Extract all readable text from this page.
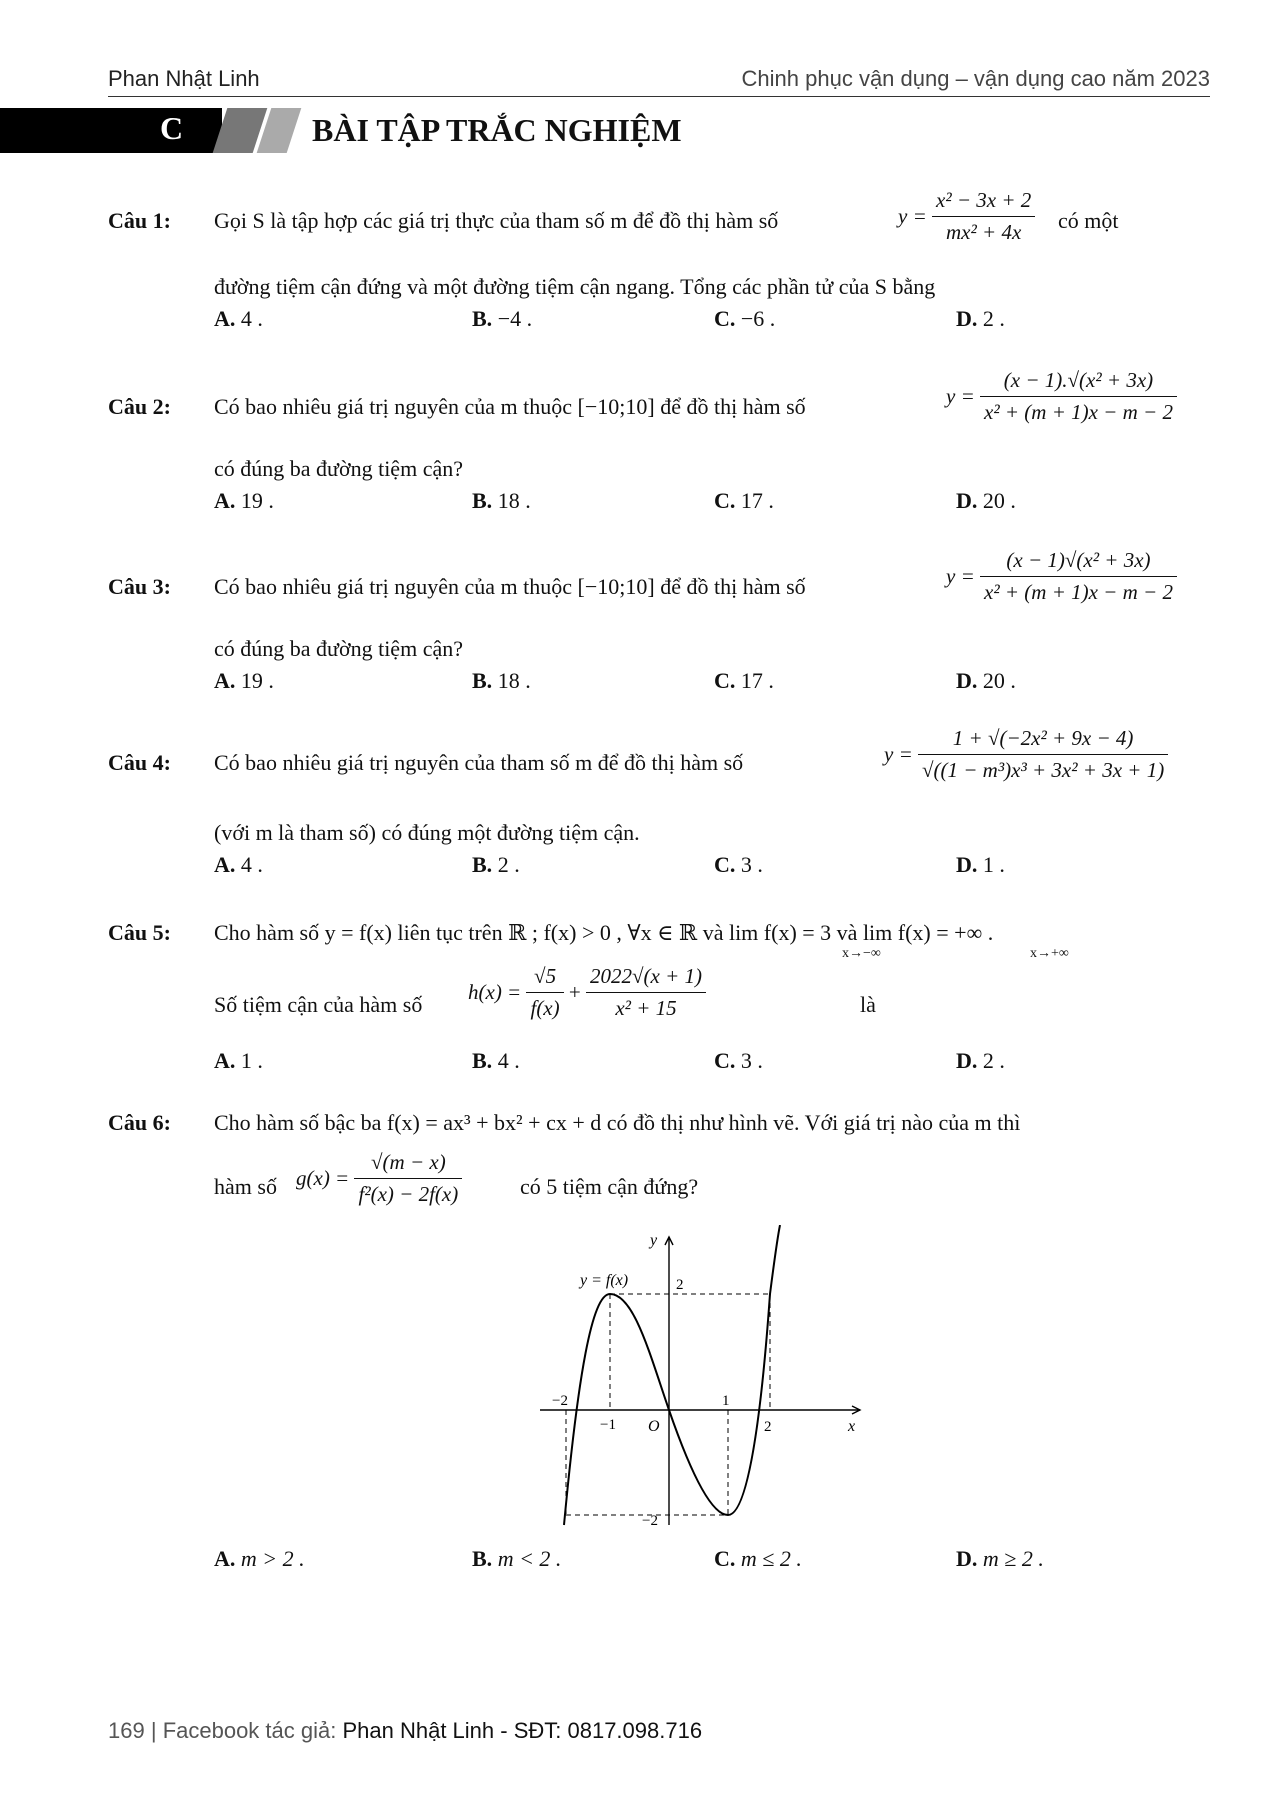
Phan Nhật Linh	Chinh phục vận dụng – vận dụng cao năm 2023
C	BÀI TẬP TRẮC NGHIỆM
Câu 1: Gọi S là tập hợp các giá trị thực của tham số m để đồ thị hàm số	$y = \frac{\text{x² − 3x + 2}}{\text{mx² + 4x}}$ có một
đường tiệm cận đứng và một đường tiệm cận ngang. Tổng các phần tử của S bằng
A. 4 .	B. −4 .	C. −6 .	D. 2 .
Câu 2: Có bao nhiêu giá trị nguyên của m thuộc [−10;10] để đồ thị hàm số	$y = \frac{\text{(x − 1).√(x² + 3x)}}{\text{x² + (m + 1)x − m − 2}}$
có đúng ba đường tiệm cận?
A. 19 .	B. 18 .	C. 17 .	D. 20 .
Câu 3: Có bao nhiêu giá trị nguyên của m thuộc [−10;10] để đồ thị hàm số	$y = \frac{\text{(x − 1)√(x² + 3x)}}{\text{x² + (m + 1)x − m − 2}}$
có đúng ba đường tiệm cận?
A. 19 .	B. 18 .	C. 17 .	D. 20 .
Câu 4: Có bao nhiêu giá trị nguyên của tham số m để đồ thị hàm số	$y = \frac{\text{1 + √(−2x² + 9x − 4)}}{\text{√((1 − m³)x³ + 3x² + 3x + 1)}}$
(với m là tham số) có đúng một đường tiệm cận.
A. 4 .	B. 2 .	C. 3 .	D. 1 .
Câu 5: Cho hàm số y = f(x) liên tục trên ℝ ; f(x) > 0 , ∀x ∈ ℝ và lim f(x) = 3 và lim f(x) = +∞ .
x→−∞	x→+∞
Số tiệm cận của hàm số $h(x) = \frac{√5}{f(x)} + \frac{2022√(x + 1)}{\text{x² + 15}}$	là
A. 1 .	B. 4 .	C. 3 .	D. 2 .
Câu 6: Cho hàm số bậc ba f(x) = ax³ + bx² + cx + d có đồ thị như hình vẽ. Với giá trị nào của m thì
hàm số $g(x) = \frac{√(m - x)}{\text{f²(x) − 2f(x)}}$	có 5 tiệm cận đứng?
A. m > 2 .	B. m < 2 .	C. m ≤ 2 .	D. m ≥ 2 .
y = f(x)
y
x
O
−2
−1
1
2
2
−2
169 | Facebook tác giả: Phan Nhật Linh - SĐT: 0817.098.716
